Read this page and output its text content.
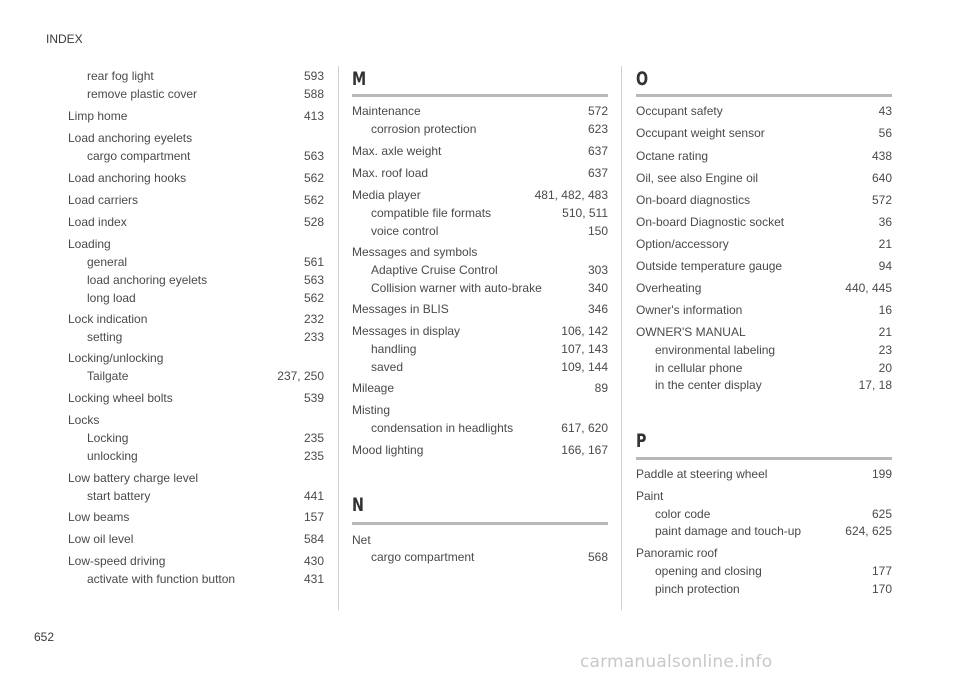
INDEX
rear fog light	593
remove plastic cover	588
Limp home	413
Load anchoring eyelets
cargo compartment	563
Load anchoring hooks	562
Load carriers	562
Load index	528
Loading
general	561
load anchoring eyelets	563
long load	562
Lock indication	232
setting	233
Locking/unlocking
Tailgate	237, 250
Locking wheel bolts	539
Locks
Locking	235
unlocking	235
Low battery charge level
start battery	441
Low beams	157
Low oil level	584
Low-speed driving	430
activate with function button	431
M
Maintenance	572
corrosion protection	623
Max. axle weight	637
Max. roof load	637
Media player	481, 482, 483
compatible file formats	510, 511
voice control	150
Messages and symbols
Adaptive Cruise Control	303
Collision warner with auto-brake	340
Messages in BLIS	346
Messages in display	106, 142
handling	107, 143
saved	109, 144
Mileage	89
Misting
condensation in headlights	617, 620
Mood lighting	166, 167
N
Net
cargo compartment	568
O
Occupant safety	43
Occupant weight sensor	56
Octane rating	438
Oil, see also Engine oil	640
On-board diagnostics	572
On-board Diagnostic socket	36
Option/accessory	21
Outside temperature gauge	94
Overheating	440, 445
Owner's information	16
OWNER'S MANUAL	21
environmental labeling	23
in cellular phone	20
in the center display	17, 18
P
Paddle at steering wheel	199
Paint
color code	625
paint damage and touch-up	624, 625
Panoramic roof
opening and closing	177
pinch protection	170
652
carmanualsonline.info
